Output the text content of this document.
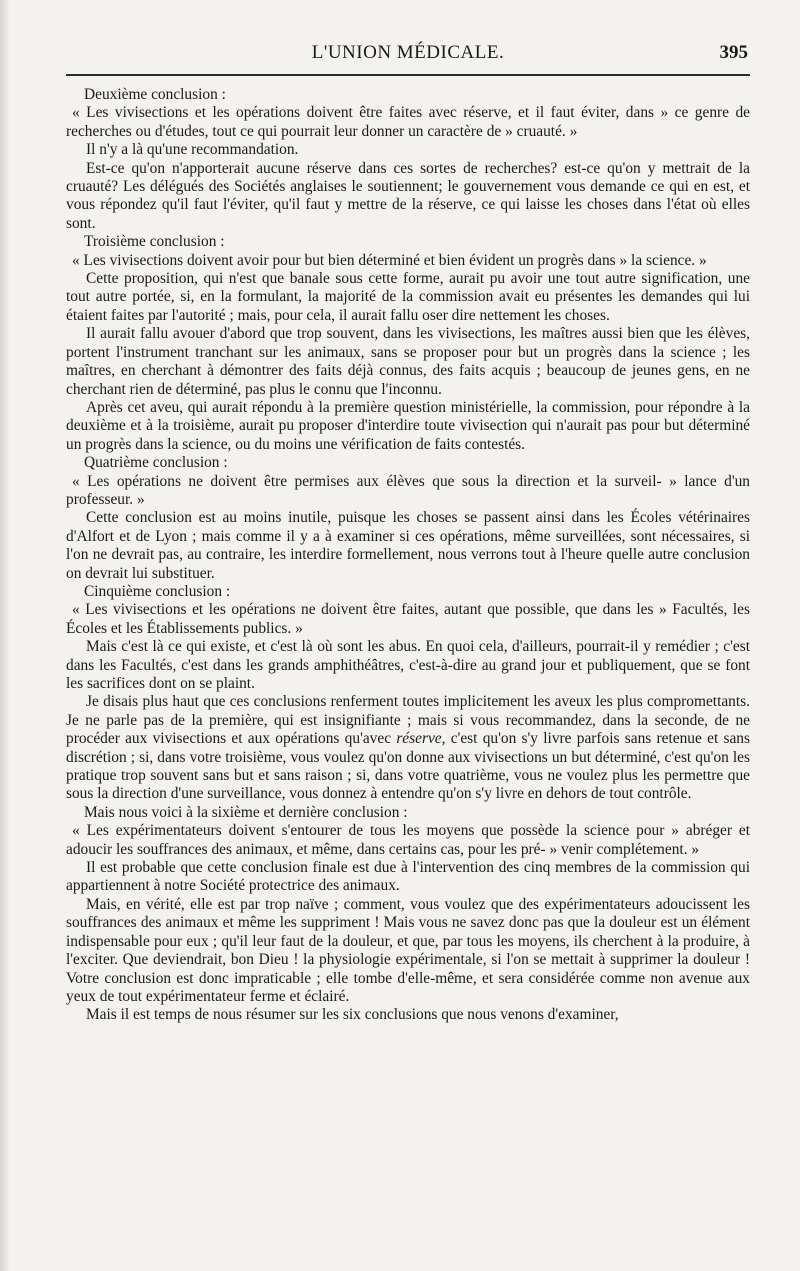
L'UNION MÉDICALE.	395

Deuxième conclusion :

« Les vivisections et les opérations doivent être faites avec réserve, et il faut éviter, dans » ce genre de recherches ou d'études, tout ce qui pourrait leur donner un caractère de » cruauté. »

Il n'y a là qu'une recommandation.

Est-ce qu'on n'apporterait aucune réserve dans ces sortes de recherches? est-ce qu'on y mettrait de la cruauté? Les délégués des Sociétés anglaises le soutiennent; le gouvernement vous demande ce qui en est, et vous répondez qu'il faut l'éviter, qu'il faut y mettre de la réserve, ce qui laisse les choses dans l'état où elles sont.

Troisième conclusion :

« Les vivisections doivent avoir pour but bien déterminé et bien évident un progrès dans » la science. »

Cette proposition, qui n'est que banale sous cette forme, aurait pu avoir une tout autre signification, une tout autre portée, si, en la formulant, la majorité de la commission avait eu présentes les demandes qui lui étaient faites par l'autorité ; mais, pour cela, il aurait fallu oser dire nettement les choses.

Il aurait fallu avouer d'abord que trop souvent, dans les vivisections, les maîtres aussi bien que les élèves, portent l'instrument tranchant sur les animaux, sans se proposer pour but un progrès dans la science ; les maîtres, en cherchant à démontrer des faits déjà connus, des faits acquis ; beaucoup de jeunes gens, en ne cherchant rien de déterminé, pas plus le connu que l'inconnu.

Après cet aveu, qui aurait répondu à la première question ministérielle, la commission, pour répondre à la deuxième et à la troisième, aurait pu proposer d'interdire toute vivisection qui n'aurait pas pour but déterminé un progrès dans la science, ou du moins une vérification de faits contestés.

Quatrième conclusion :

« Les opérations ne doivent être permises aux élèves que sous la direction et la surveil- » lance d'un professeur. »

Cette conclusion est au moins inutile, puisque les choses se passent ainsi dans les Écoles vétérinaires d'Alfort et de Lyon ; mais comme il y a à examiner si ces opérations, même surveillées, sont nécessaires, si l'on ne devrait pas, au contraire, les interdire formellement, nous verrons tout à l'heure quelle autre conclusion on devrait lui substituer.

Cinquième conclusion :

« Les vivisections et les opérations ne doivent être faites, autant que possible, que dans les » Facultés, les Écoles et les Établissements publics. »

Mais c'est là ce qui existe, et c'est là où sont les abus. En quoi cela, d'ailleurs, pourrait-il y remédier ; c'est dans les Facultés, c'est dans les grands amphithéâtres, c'est-à-dire au grand jour et publiquement, que se font les sacrifices dont on se plaint.

Je disais plus haut que ces conclusions renferment toutes implicitement les aveux les plus compromettants. Je ne parle pas de la première, qui est insignifiante ; mais si vous recommandez, dans la seconde, de ne procéder aux vivisections et aux opérations qu'avec réserve, c'est qu'on s'y livre parfois sans retenue et sans discrétion ; si, dans votre troisième, vous voulez qu'on donne aux vivisections un but déterminé, c'est qu'on les pratique trop souvent sans but et sans raison ; si, dans votre quatrième, vous ne voulez plus les permettre que sous la direction d'une surveillance, vous donnez à entendre qu'on s'y livre en dehors de tout contrôle.

Mais nous voici à la sixième et dernière conclusion :

« Les expérimentateurs doivent s'entourer de tous les moyens que possède la science pour » abréger et adoucir les souffrances des animaux, et même, dans certains cas, pour les pré- » venir complétement. »

Il est probable que cette conclusion finale est due à l'intervention des cinq membres de la commission qui appartiennent à notre Société protectrice des animaux.

Mais, en vérité, elle est par trop naïve ; comment, vous voulez que des expérimentateurs adoucissent les souffrances des animaux et même les suppriment ! Mais vous ne savez donc pas que la douleur est un élément indispensable pour eux ; qu'il leur faut de la douleur, et que, par tous les moyens, ils cherchent à la produire, à l'exciter. Que deviendrait, bon Dieu ! la physiologie expérimentale, si l'on se mettait à supprimer la douleur ! Votre conclusion est donc impraticable ; elle tombe d'elle-même, et sera considérée comme non avenue aux yeux de tout expérimentateur ferme et éclairé.

Mais il est temps de nous résumer sur les six conclusions que nous venons d'examiner,
